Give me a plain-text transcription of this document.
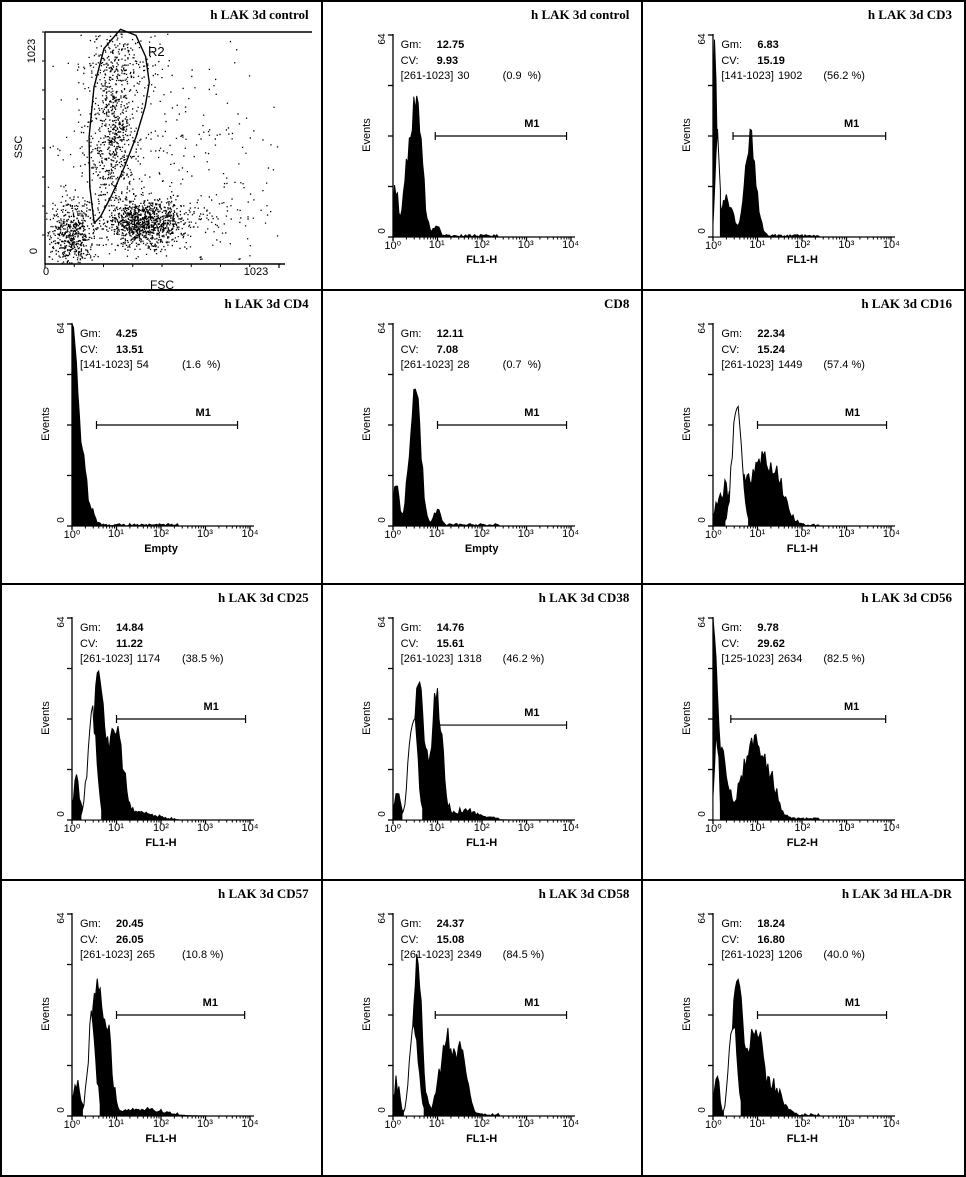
h LAK 3d control
1023
SSC
0
0	1023
FSC
R2
h LAK 3d control
64
0
Events
Gm:	12.75
CV:	9.93
[261-1023] 30	(0.9  %)
M1
10⁰	10¹	10²	10³	10⁴
FL1-H
h LAK 3d CD3
64
0
Events
Gm:	6.83
CV:	15.19
[141-1023] 1902	(56.2 %)
M1
10⁰	10¹	10²	10³	10⁴
FL1-H
h LAK 3d CD4
64
0
Events
Gm:	4.25
CV:	13.51
[141-1023] 54	(1.6  %)
M1
10⁰	10¹	10²	10³	10⁴
Empty
CD8
64
0
Events
Gm:	12.11
CV:	7.08
[261-1023] 28	(0.7  %)
M1
10⁰	10¹	10²	10³	10⁴
Empty
h LAK 3d CD16
64
0
Events
Gm:	22.34
CV:	15.24
[261-1023] 1449	(57.4 %)
M1
10⁰	10¹	10²	10³	10⁴
FL1-H
h LAK 3d CD25
64
0
Events
Gm:	14.84
CV:	11.22
[261-1023] 1174	(38.5 %)
M1
10⁰	10¹	10²	10³	10⁴
FL1-H
h LAK 3d CD38
64
0
Events
Gm:	14.76
CV:	15.61
[261-1023] 1318	(46.2 %)
M1
10⁰	10¹	10²	10³	10⁴
FL1-H
h LAK 3d CD56
64
0
Events
Gm:	9.78
CV:	29.62
[125-1023] 2634	(82.5 %)
M1
10⁰	10¹	10²	10³	10⁴
FL2-H
h LAK 3d CD57
64
0
Events
Gm:	20.45
CV:	26.05
[261-1023] 265	(10.8 %)
M1
10⁰	10¹	10²	10³	10⁴
FL1-H
h LAK 3d CD58
64
0
Events
Gm:	24.37
CV:	15.08
[261-1023] 2349	(84.5 %)
M1
10⁰	10¹	10²	10³	10⁴
FL1-H
h LAK 3d HLA-DR
64
0
Events
Gm:	18.24
CV:	16.80
[261-1023] 1206	(40.0 %)
M1
10⁰	10¹	10²	10³	10⁴
FL1-H
